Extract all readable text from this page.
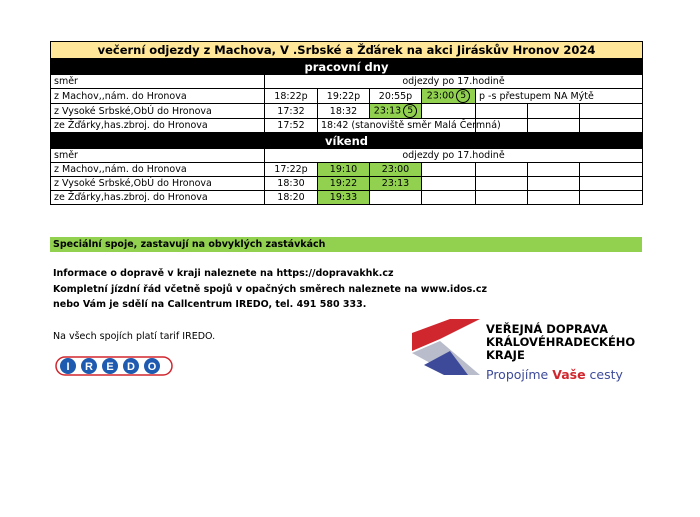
večerní odjezdy z Machova, V .Srbské a Žďárek na akci Jiráskův Hronov 2024							
pracovní dny							
směr	odjezdy po 17.hodině						
z Machov,,nám. do Hronova	18:22p	19:22p	20:55p	23:00 5	p -s přestupem NA Mýtě		
z Vysoké Srbské,ObÚ do Hronova	17:32	18:32	23:13 5				
ze Žďárky,has.zbroj. do Hronova	17:52	18:42 (stanoviště směr Malá Čermná)					
víkend							
směr	odjezdy po 17.hodině						
z Machov,,nám. do Hronova	17:22p	19:10	23:00				
z Vysoké Srbské,ObÚ do Hronova	18:30	19:22	23:13				
ze Žďárky,has.zbroj. do Hronova	18:20	19:33					
Speciální spoje, zastavují na obvyklých zastávkách
Informace o dopravě v kraji naleznete na https://dopravakhk.cz
Kompletní jízdní řád včetně spojů v opačných směrech naleznete na www.idos.cz
nebo Vám je sdělí na Callcentrum IREDO, tel. 491 580 333.
Na všech spojích platí tarif IREDO.
I R E D O
VEŘEJNÁ DOPRAVA
KRÁLOVÉHRADECKÉHO
KRAJE
Propojíme Vaše cesty
